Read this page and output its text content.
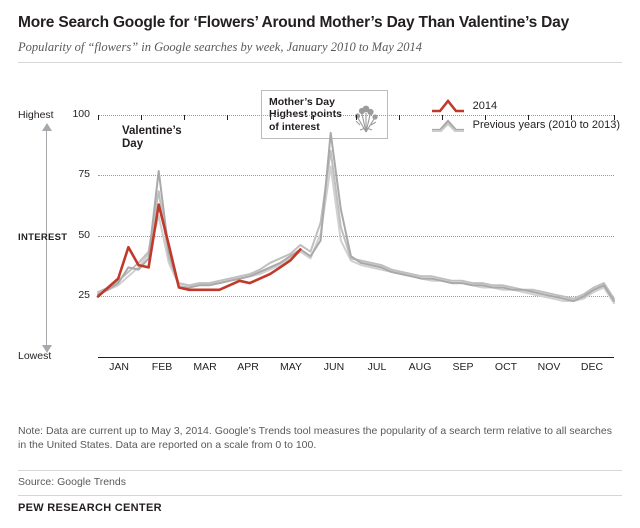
More Search Google for ‘Flowers’ Around Mother’s Day Than Valentine’s Day
Popularity of “flowers” in Google searches by week, January 2010 to May 2014
Highest
Lowest
INTEREST
2014
Previous years (2010 to 2013)
Valentine’s
Day
Mother’s Day
Highest points
of interest
100
75
50
25
JAN	FEB	MAR	APR	MAY	JUN	JUL	AUG	SEP	OCT	NOV	DEC
Note: Data are current up to May 3, 2014. Google’s Trends tool measures the popularity of a search term relative to all searches in the United States. Data are reported on a scale from 0 to 100.
Source: Google Trends
PEW RESEARCH CENTER
